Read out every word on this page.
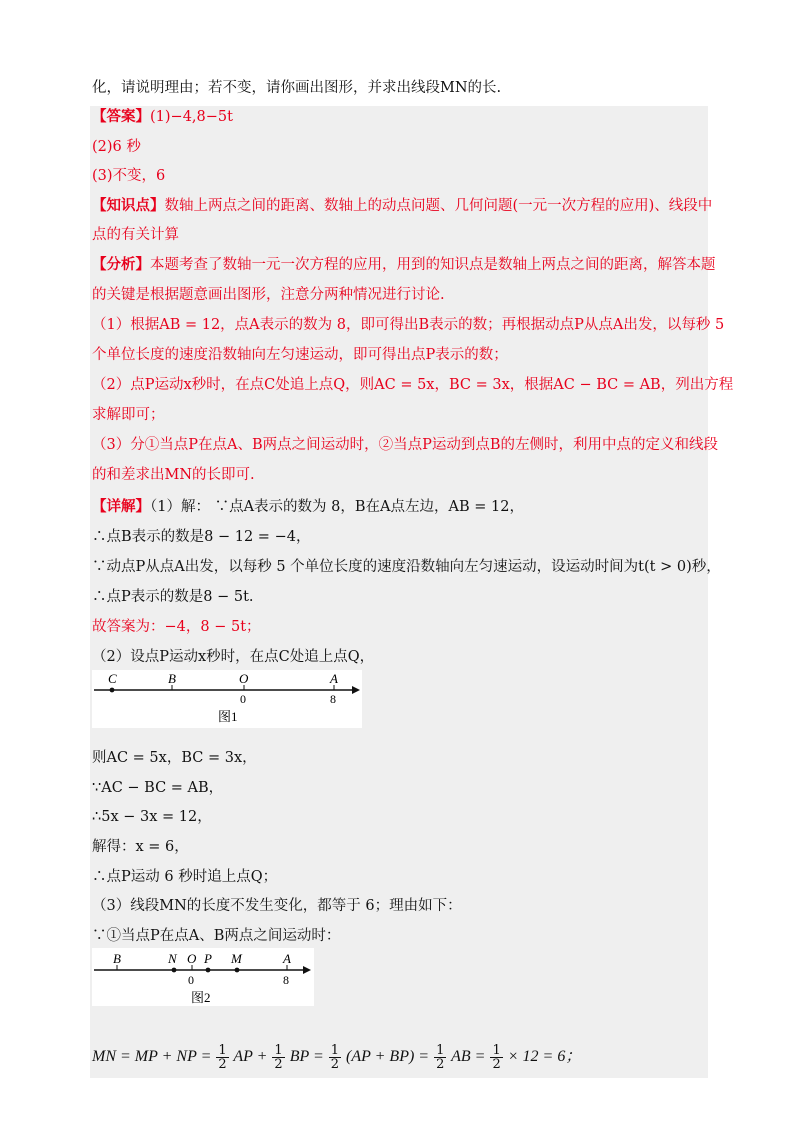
化，请说明理由；若不变，请你画出图形，并求出线段MN的长.
【答案】(1)−4,8−5t
(2)6 秒
(3)不变，6
【知识点】数轴上两点之间的距离、数轴上的动点问题、几何问题(一元一次方程的应用)、线段中
点的有关计算
【分析】本题考查了数轴一元一次方程的应用，用到的知识点是数轴上两点之间的距离，解答本题
的关键是根据题意画出图形，注意分两种情况进行讨论.
（1）根据AB = 12，点A表示的数为 8，即可得出B表示的数；再根据动点P从点A出发，以每秒 5
个单位长度的速度沿数轴向左匀速运动，即可得出点P表示的数；
（2）点P运动x秒时，在点C处追上点Q，则AC = 5x，BC = 3x，根据AC − BC = AB，列出方程
求解即可；
（3）分①当点P在点A、B两点之间运动时，②当点P运动到点B的左侧时，利用中点的定义和线段
的和差求出MN的长即可.
【详解】（1）解： ∵点A表示的数为 8，B在A点左边，AB = 12，
∴点B表示的数是8 − 12 = −4，
∵动点P从点A出发，以每秒 5 个单位长度的速度沿数轴向左匀速运动，设运动时间为t(t > 0)秒，
∴点P表示的数是8 − 5t.
故答案为：−4，8 − 5t；
（2）设点P运动x秒时，在点C处追上点Q，
C	B	O	A
0	8
图1
则AC = 5x，BC = 3x，
∵AC − BC = AB，
∴5x − 3x = 12，
解得：x = 6，
∴点P运动 6 秒时追上点Q；
（3）线段MN的长度不发生变化，都等于 6；理由如下：
∵①当点P在点A、B两点之间运动时：
B	N O P M	A
0	8
图2
MN = MP + NP = $\frac{1}{2}$ AP + $\frac{1}{2}$ BP = $\frac{1}{2} (AP + BP) = \frac{1}{2}$ AB = $\frac{1}{2} \times 12 = 6$；
